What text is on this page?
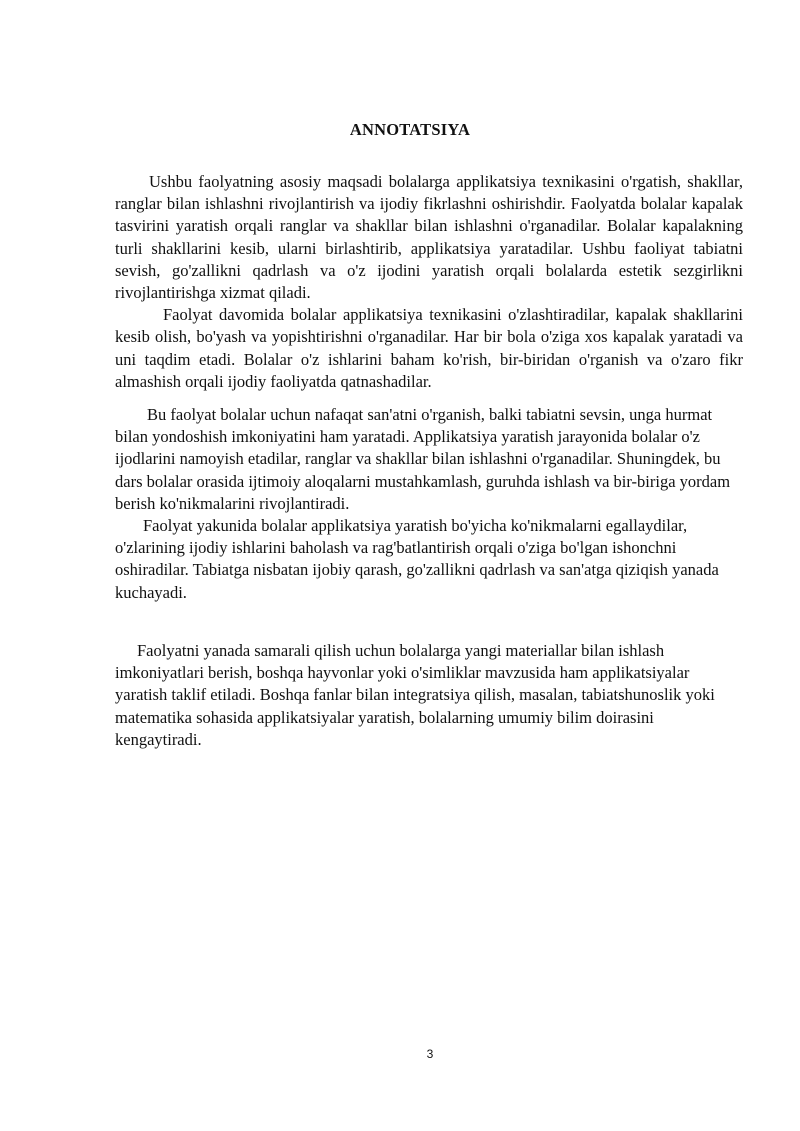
ANNOTATSIYA

Ushbu faolyatning asosiy maqsadi bolalarga applikatsiya texnikasini o'rgatish, shakllar, ranglar bilan ishlashni rivojlantirish va ijodiy fikrlashni oshirishdir. Faolyatda bolalar kapalak tasvirini yaratish orqali ranglar va shakllar bilan ishlashni o'rganadilar. Bolalar kapalakning turli shakllarini kesib, ularni birlashtirib, applikatsiya yaratadilar. Ushbu faoliyat tabiatni sevish, go'zallikni qadrlash va o'z ijodini yaratish orqali bolalarda estetik sezgirlikni rivojlantirishga xizmat qiladi.

Faolyat davomida bolalar applikatsiya texnikasini o'zlashtiradilar, kapalak shakllarini kesib olish, bo'yash va yopishtirishni o'rganadilar. Har bir bola o'ziga xos kapalak yaratadi va uni taqdim etadi. Bolalar o'z ishlarini baham ko'rish, bir-biridan o'rganish va o'zaro fikr almashish orqali ijodiy faoliyatda qatnashadilar.

Bu faolyat bolalar uchun nafaqat san'atni o'rganish, balki tabiatni sevsin, unga hurmat bilan yondoshish imkoniyatini ham yaratadi. Applikatsiya yaratish jarayonida bolalar o'z ijodlarini namoyish etadilar, ranglar va shakllar bilan ishlashni o'rganadilar. Shuningdek, bu dars bolalar orasida ijtimoiy aloqalarni mustahkamlash, guruhda ishlash va bir-biriga yordam berish ko'nikmalarini rivojlantiradi.

Faolyat yakunida bolalar applikatsiya yaratish bo'yicha ko'nikmalarni egallaydilar, o'zlarining ijodiy ishlarini baholash va rag'batlantirish orqali o'ziga bo'lgan ishonchni oshiradilar. Tabiatga nisbatan ijobiy qarash, go'zallikni qadrlash va san'atga qiziqish yanada kuchayadi.

Faolyatni yanada samarali qilish uchun bolalarga yangi materiallar bilan ishlash imkoniyatlari berish, boshqa hayvonlar yoki o'simliklar mavzusida ham applikatsiyalar yaratish taklif etiladi. Boshqa fanlar bilan integratsiya qilish, masalan, tabiatshunoslik yoki matematika sohasida applikatsiyalar yaratish, bolalarning umumiy bilim doirasini kengaytiradi.

3
